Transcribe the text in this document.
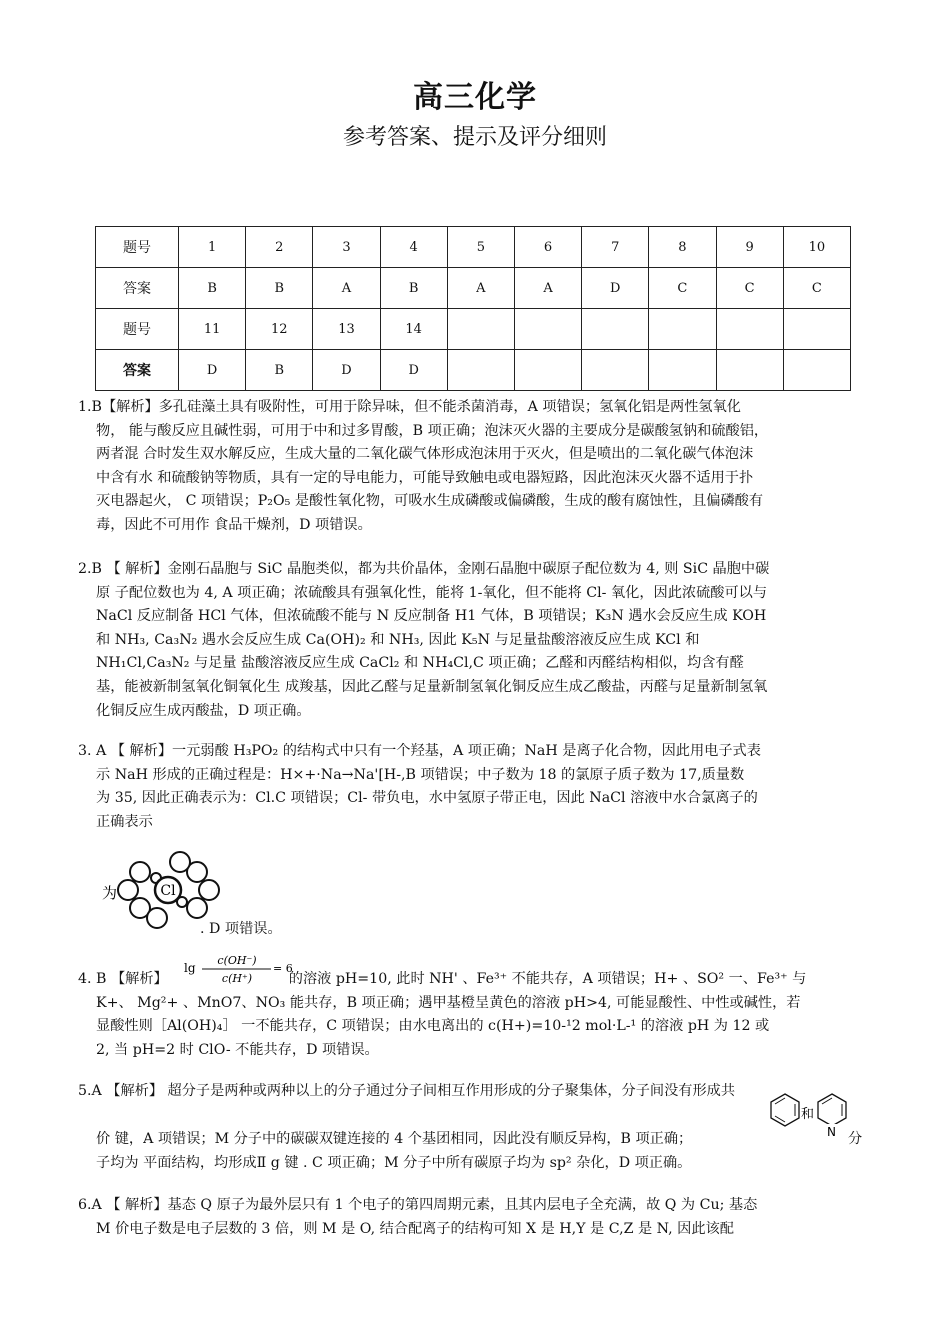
高三化学
参考答案、提示及评分细则
题号	1	2	3	4	5	6	7	8	9	10
答案	B	B	A	B	A	A	D	C	C	C
题号	11	12	13	14						
答案	D	B	D	D						

1.B【解析】多孔硅藻土具有吸附性，可用于除异味，但不能杀菌消毒，A 项错误；氢氧化铝是两性氢氧化

物， 能与酸反应且碱性弱，可用于中和过多胃酸，B 项正确；泡沫灭火器的主要成分是碳酸氢钠和硫酸铝，

两者混 合时发生双水解反应，生成大量的二氧化碳气体形成泡沫用于灭火，但是喷出的二氧化碳气体泡沫

中含有水 和硫酸钠等物质，具有一定的导电能力，可能导致触电或电器短路，因此泡沫灭火器不适用于扑

灭电器起火， C 项错误；P₂O₅ 是酸性氧化物，可吸水生成磷酸或偏磷酸，生成的酸有腐蚀性，且偏磷酸有

毒，因此不可用作 食品干燥剂，D 项错误。

2.B 【 解析】金刚石晶胞与 SiC 晶胞类似，都为共价晶体，金刚石晶胞中碳原子配位数为 4, 则 SiC 晶胞中碳

原 子配位数也为 4, A 项正确；浓硫酸具有强氧化性，能将 1-氧化，但不能将 Cl- 氧化，因此浓硫酸可以与

NaCl 反应制备 HCl 气体，但浓硫酸不能与 N 反应制备 H1 气体，B 项错误；K₃N 遇水会反应生成 KOH

和 NH₃, Ca₃N₂ 遇水会反应生成 Ca(OH)₂ 和 NH₃, 因此 K₅N 与足量盐酸溶液反应生成 KCl 和

NH₁Cl,Ca₃N₂ 与足量 盐酸溶液反应生成 CaCl₂ 和 NH₄Cl,C 项正确；乙醛和丙醛结构相似，均含有醛

基，能被新制氢氧化铜氧化生 成羧基，因此乙醛与足量新制氢氧化铜反应生成乙酸盐，丙醛与足量新制氢氧

化铜反应生成丙酸盐，D 项正确。

3. A 【 解析】一元弱酸 H₃PO₂ 的结构式中只有一个羟基，A 项正确；NaH 是离子化合物，因此用电子式表

示 NaH 形成的正确过程是：H×+·Na→Na'[H-,B 项错误；中子数为 18 的氯原子质子数为 17,质量数

为 35, 因此正确表示为：Cl.C 项错误；Cl- 带负电，水中氢原子带正电，因此 NaCl 溶液中水合氯离子的

正确表示

为	Cl

. D 项错误。

4. B 【解析】	的溶液 pH=10, 此时 NH' 、Fe³⁺ 不能共存，A 项错误；H+ 、SO² 一、Fe³⁺ 与

K+、 Mg²+ 、MnO7、NO₃ 能共存，B 项正确；遇甲基橙呈黄色的溶液 pH>4, 可能显酸性、中性或碱性，若

显酸性则［Al(OH)₄］ 一不能共存，C 项错误；由水电离出的 c(H+)=10-¹2 mol·L-¹ 的溶液 pH 为 12 或

2, 当 pH=2 时 ClO- 不能共存，D 项错误。

lg
c(OH⁻)
c(H⁺)
= 6

5.A 【解析】 超分子是两种或两种以上的分子通过分子间相互作用形成的分子聚集体，分子间没有形成共

价 键，A 项错误；M 分子中的碳碳双键连接的 4 个基团相同，因此没有顺反异构，B 项正确；

子均为 平面结构，均形成Ⅱ g 键 . C 项正确；M 分子中所有碳原子均为 sp² 杂化，D 项正确。

和
N 分

6.A 【 解析】基态 Q 原子为最外层只有 1 个电子的第四周期元素，且其内层电子全充满，故 Q 为 Cu; 基态

M 价电子数是电子层数的 3 倍，则 M 是 O, 结合配离子的结构可知 X 是 H,Y 是 C,Z 是 N, 因此该配
